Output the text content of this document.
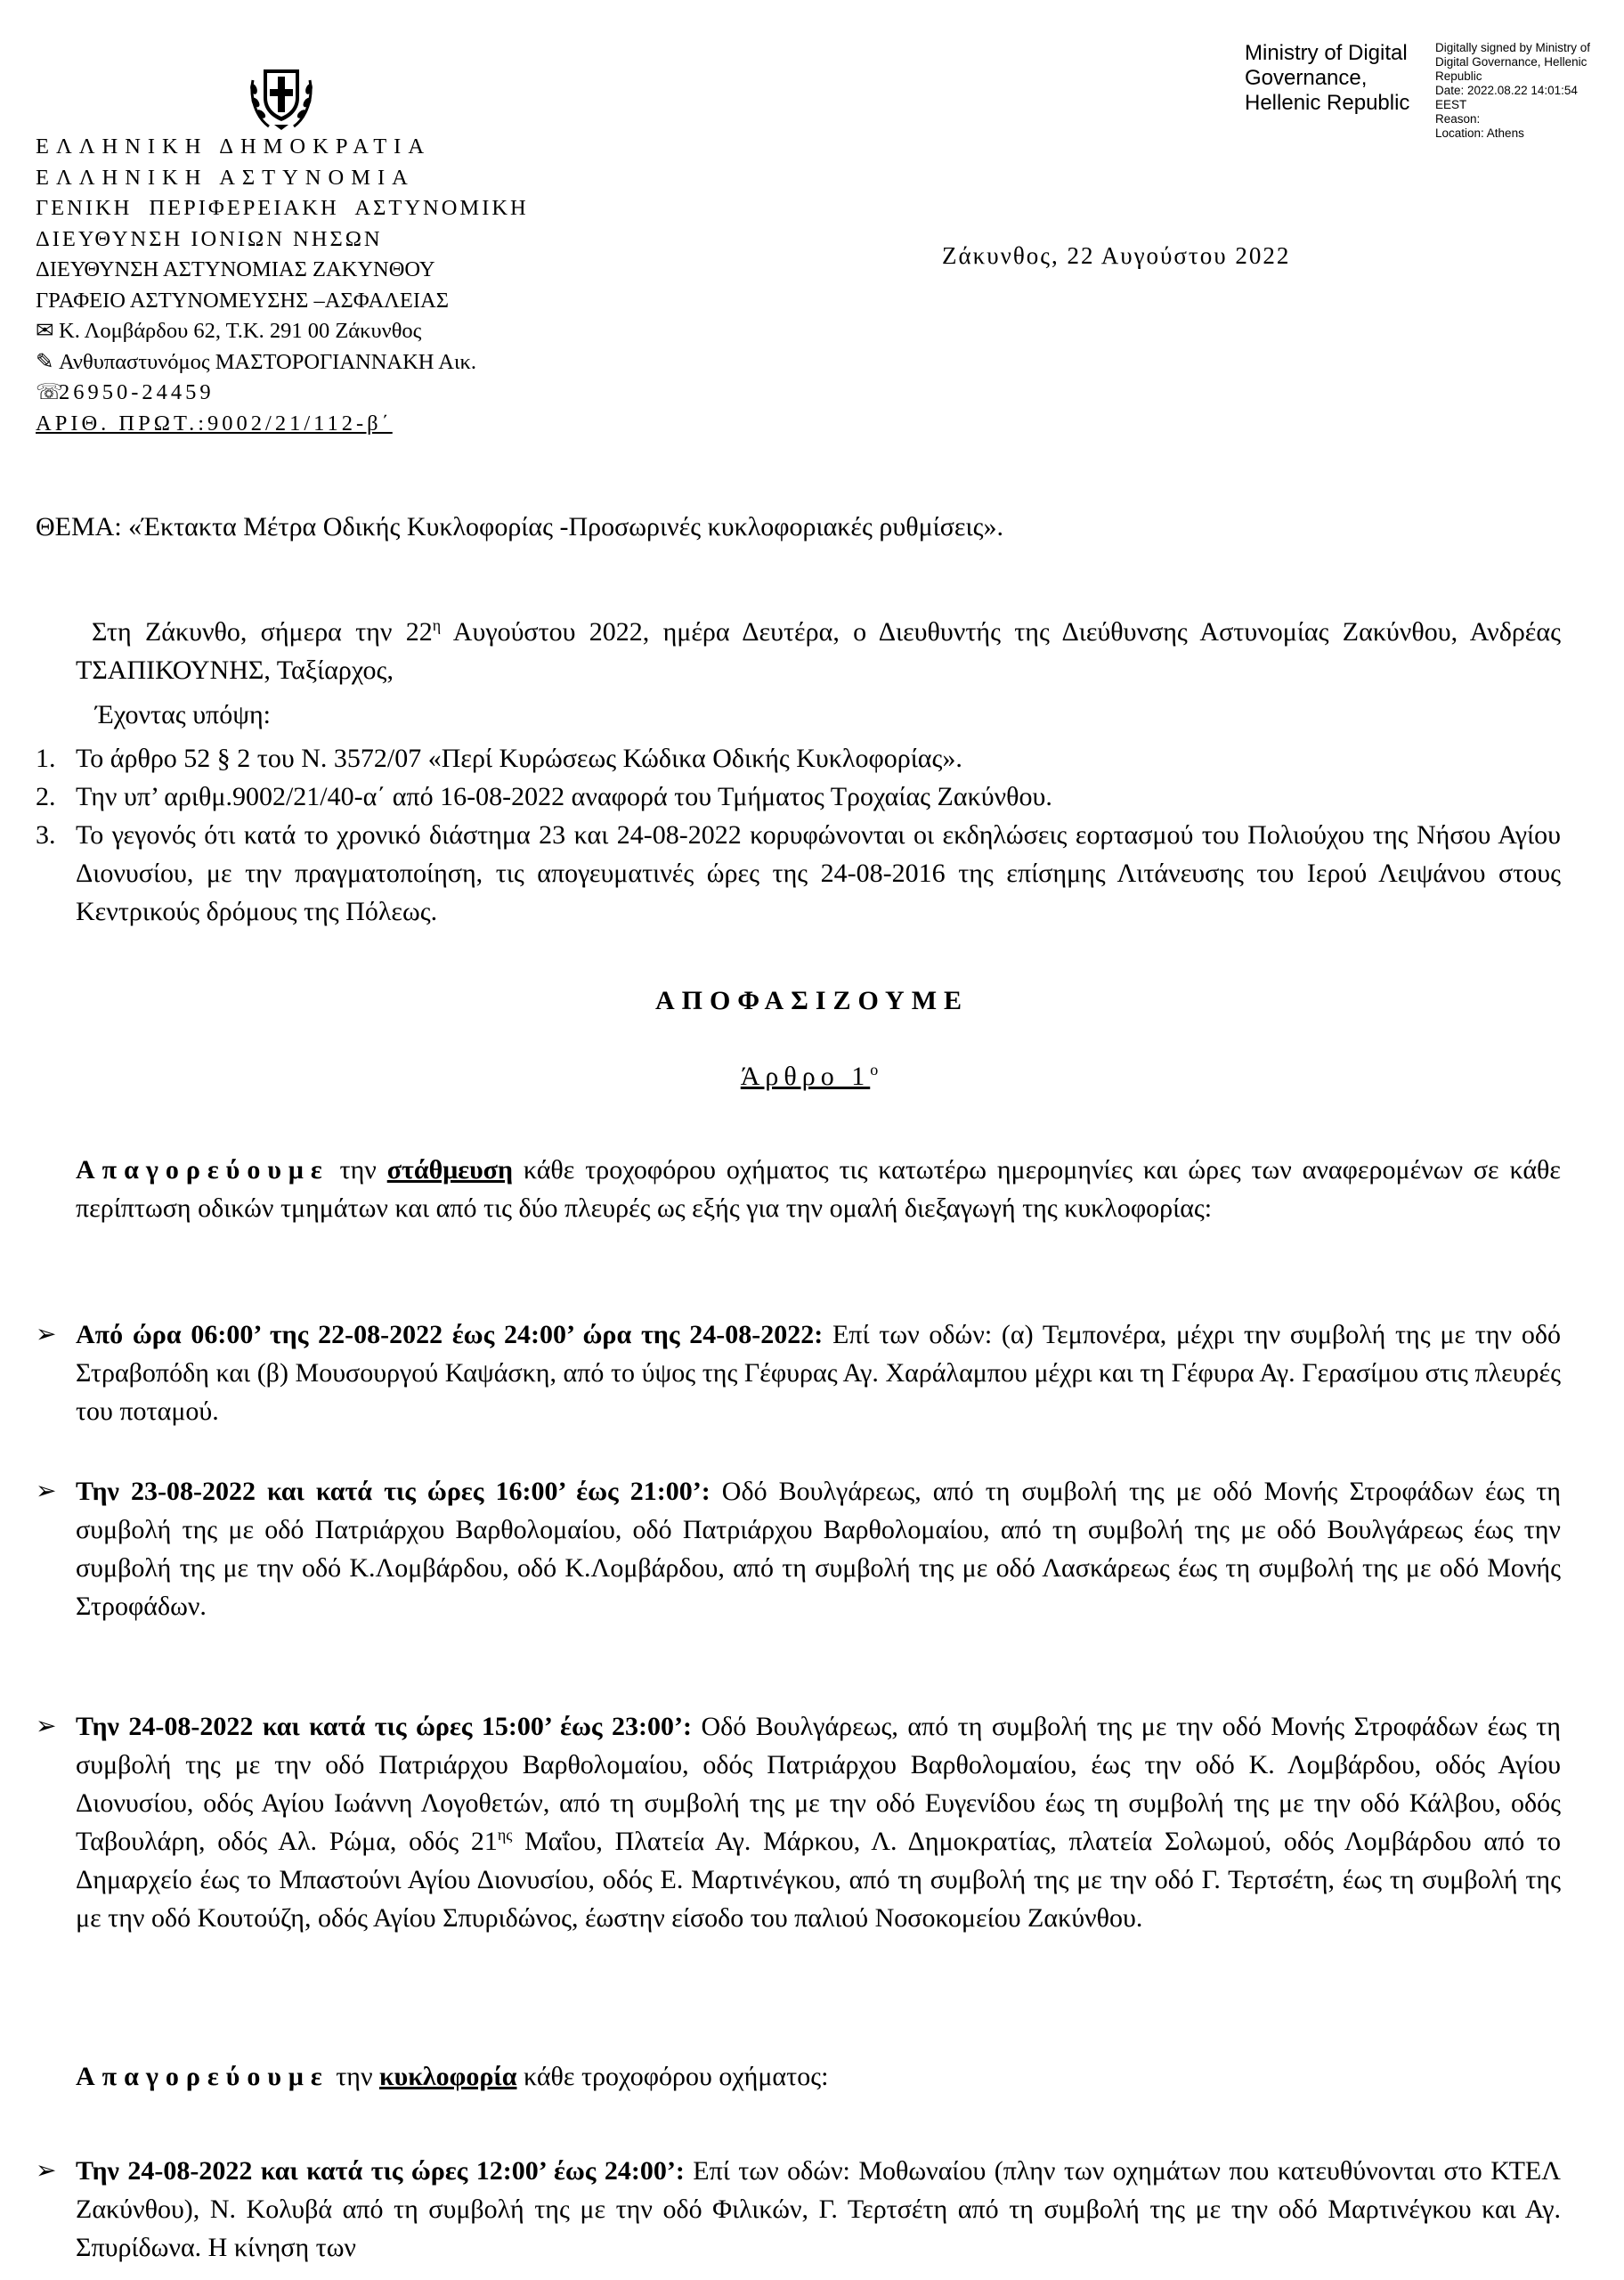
Ministry of Digital
Governance,
Hellenic Republic
Digitally signed by Ministry of
Digital Governance, Hellenic
Republic
Date: 2022.08.22 14:01:54
EEST
Reason:
Location: Athens
ΕΛΛΗΝΙΚΗ ΔΗΜΟΚΡΑΤΙΑ
ΕΛΛΗΝΙΚΗ ΑΣΤΥΝΟΜΙΑ
ΓΕΝΙΚΗ ΠΕΡΙΦΕΡΕΙΑΚΗ ΑΣΤΥΝΟΜΙΚΗ
ΔΙΕΥΘΥΝΣΗ ΙΟΝΙΩΝ ΝΗΣΩΝ
ΔΙΕΥΘΥΝΣΗ ΑΣΤΥΝΟΜΙΑΣ ΖΑΚΥΝΘΟΥ
ΓΡΑΦΕΙΟ ΑΣΤΥΝΟΜΕΥΣΗΣ –ΑΣΦΑΛΕΙΑΣ
✉ Κ. Λομβάρδου 62, Τ.Κ. 291 00 Ζάκυνθος
✎ Ανθυπαστυνόμος ΜΑΣΤΟΡΟΓΙΑΝΝΑΚΗ Αικ.
☏26950-24459
ΑΡΙΘ. ΠΡΩΤ.:9002/21/112-β΄
Ζάκυνθος, 22 Αυγούστου 2022
ΘΕΜΑ: «Έκτακτα Μέτρα Οδικής Κυκλοφορίας -Προσωρινές κυκλοφοριακές ρυθμίσεις».
Στη Ζάκυνθο, σήμερα την $22^\eta$ Αυγούστου 2022, ημέρα Δευτέρα, ο Διευθυντής της Διεύθυνσης Αστυνομίας Ζακύνθου, Ανδρέας ΤΣΑΠΙΚΟΥΝΗΣ, Ταξίαρχος,
Έχοντας υπόψη:
1. Το άρθρο 52 § 2 του Ν. 3572/07 «Περί Κυρώσεως Κώδικα Οδικής Κυκλοφορίας».
2. Την υπ’ αριθμ.9002/21/40-α΄ από 16-08-2022 αναφορά του Τμήματος Τροχαίας Ζακύνθου.
3. Το γεγονός ότι κατά το χρονικό διάστημα 23 και 24-08-2022 κορυφώνονται οι εκδηλώσεις εορτασμού του Πολιούχου της Νήσου Αγίου Διονυσίου, με την πραγματοποίηση, τις απογευματινές ώρες της 24-08-2016 της επίσημης Λιτάνευσης του Ιερού Λειψάνου στους Κεντρικούς δρόμους της Πόλεως.
ΑΠΟΦΑΣΙΖΟΥΜΕ
Άρθρο $1^o$
Απαγορεύουμε την στάθμευση κάθε τροχοφόρου οχήματος τις κατωτέρω ημερομηνίες και ώρες των αναφερομένων σε κάθε περίπτωση οδικών τμημάτων και από τις δύο πλευρές ως εξής για την ομαλή διεξαγωγή της κυκλοφορίας:
➢ Από ώρα 06:00’ της 22-08-2022 έως 24:00’ ώρα της 24-08-2022: Επί των οδών: (α) Τεμπονέρα, μέχρι την συμβολή της με την οδό Στραβοπόδη και (β) Μουσουργού Καψάσκη, από το ύψος της Γέφυρας Αγ. Χαράλαμπου μέχρι και τη Γέφυρα Αγ. Γερασίμου στις πλευρές του ποταμού.
➢ Την 23-08-2022 και κατά τις ώρες 16:00’ έως 21:00’: Οδό Βουλγάρεως, από τη συμβολή της με οδό Μονής Στροφάδων έως τη συμβολή της με οδό Πατριάρχου Βαρθολομαίου, οδό Πατριάρχου Βαρθολομαίου, από τη συμβολή της με οδό Βουλγάρεως έως την συμβολή της με την οδό Κ.Λομβάρδου, οδό Κ.Λομβάρδου, από τη συμβολή της με οδό Λασκάρεως έως τη συμβολή της με οδό Μονής Στροφάδων.
➢ Την 24-08-2022 και κατά τις ώρες 15:00’ έως 23:00’: Οδό Βουλγάρεως, από τη συμβολή της με την οδό Μονής Στροφάδων έως τη συμβολή της με την οδό Πατριάρχου Βαρθολομαίου, οδός Πατριάρχου Βαρθολομαίου, έως την οδό Κ. Λομβάρδου, οδός Αγίου Διονυσίου, οδός Αγίου Ιωάννη Λογοθετών, από τη συμβολή της με την οδό Ευγενίδου έως τη συμβολή της με την οδό Κάλβου, οδός Ταβουλάρη, οδός Αλ. Ρώμα, οδός $21^{\eta\varsigma}$ Μαΐου, Πλατεία Αγ. Μάρκου, Λ. Δημοκρατίας, πλατεία Σολωμού, οδός Λομβάρδου από το Δημαρχείο έως το Μπαστούνι Αγίου Διονυσίου, οδός Ε. Μαρτινέγκου, από τη συμβολή της με την οδό Γ. Τερτσέτη, έως τη συμβολή της με την οδό Κουτούζη, οδός Αγίου Σπυριδώνος, έωστην είσοδο του παλιού Νοσοκομείου Ζακύνθου.
Απαγορεύουμε την κυκλοφορία κάθε τροχοφόρου οχήματος:
➢ Την 24-08-2022 και κατά τις ώρες 12:00’ έως 24:00’: Επί των οδών: Μοθωναίου (πλην των οχημάτων που κατευθύνονται στο ΚΤΕΛ Ζακύνθου), Ν. Κολυβά από τη συμβολή της με την οδό Φιλικών, Γ. Τερτσέτη από τη συμβολή της με την οδό Μαρτινέγκου και Αγ. Σπυρίδωνα. Η κίνηση των
